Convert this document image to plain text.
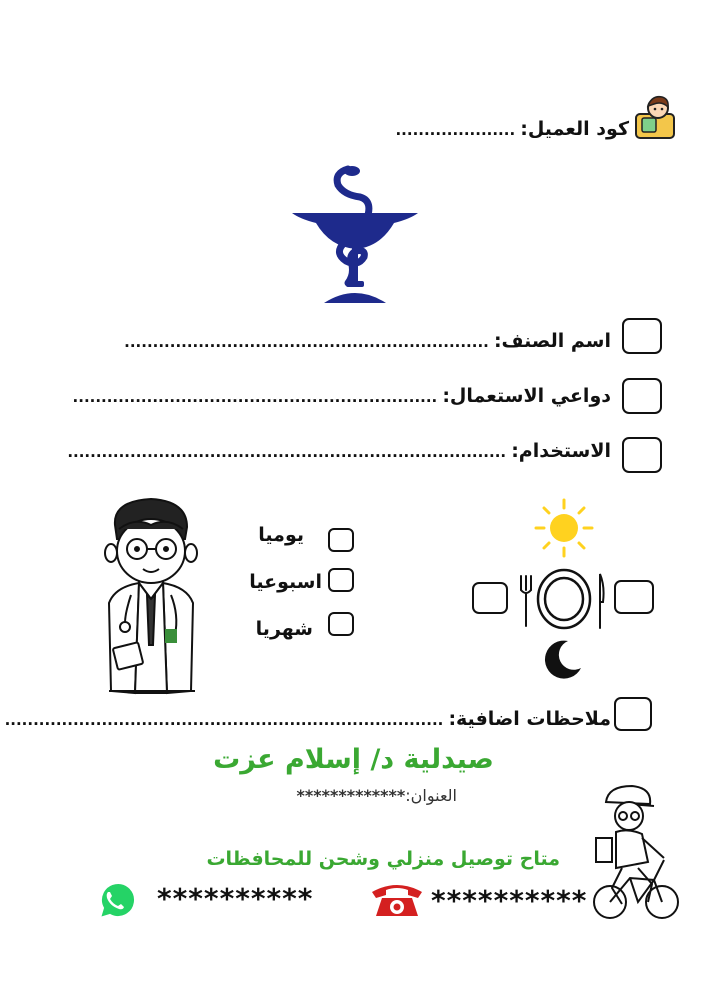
كود العميل: .....................
اسم الصنف: ................................................................
دواعي الاستعمال: ................................................................
الاستخدام: .............................................................................
يوميا
اسبوعيا
شهريا
ملاحظات اضافية: .............................................................................
صيدلية د/ إسلام عزت
العنوان:*************
متاح توصيل منزلي وشحن للمحافظات
**********	**********
